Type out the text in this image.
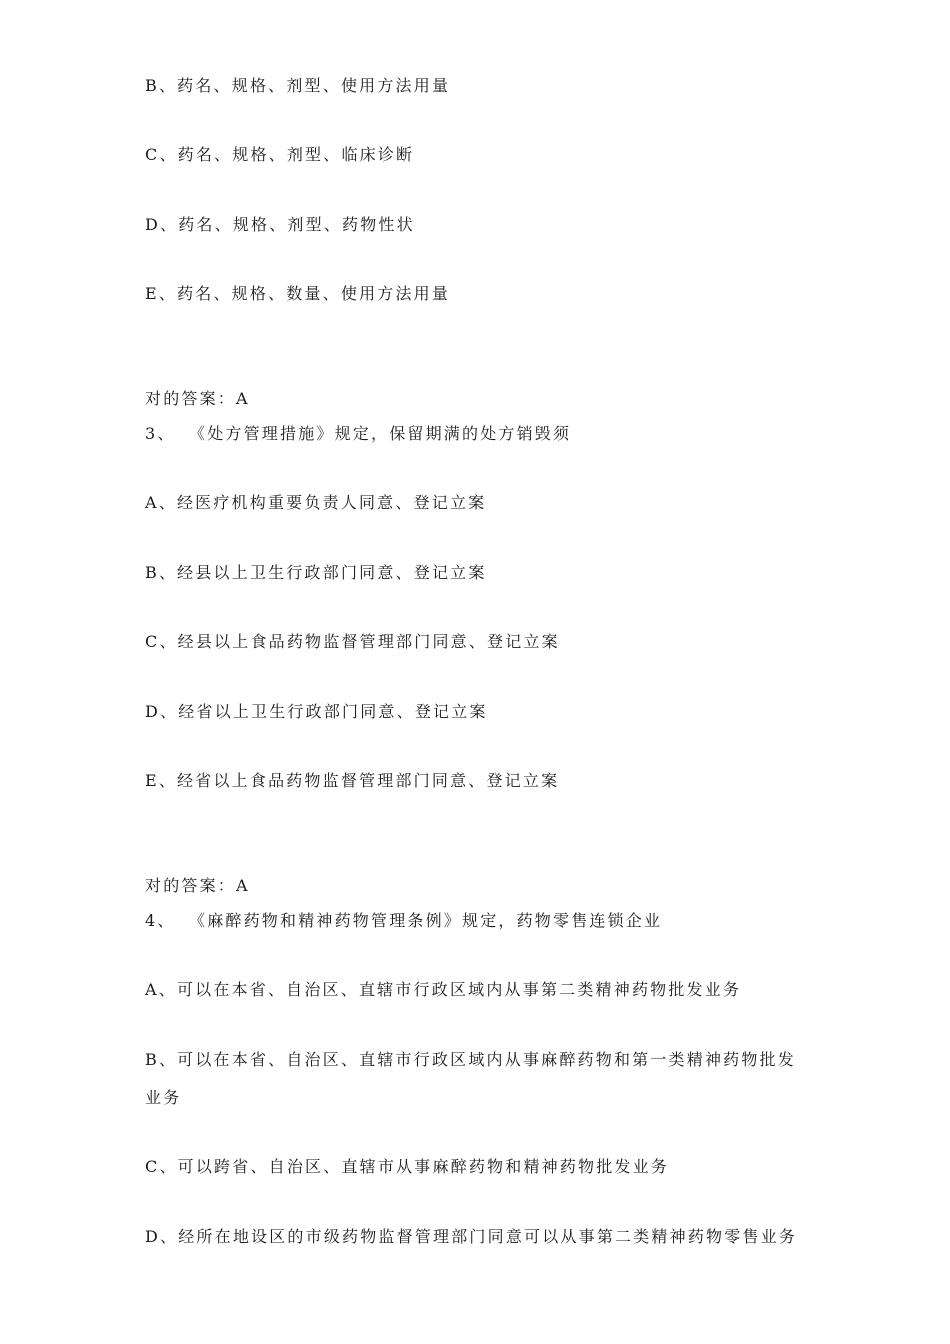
B、药名、规格、剂型、使用方法用量
C、药名、规格、剂型、临床诊断
D、药名、规格、剂型、药物性状
E、药名、规格、数量、使用方法用量
对的答案：A
3、 《处方管理措施》规定，保留期满的处方销毁须
A、经医疗机构重要负责人同意、登记立案
B、经县以上卫生行政部门同意、登记立案
C、经县以上食品药物监督管理部门同意、登记立案
D、经省以上卫生行政部门同意、登记立案
E、经省以上食品药物监督管理部门同意、登记立案
对的答案：A
4、 《麻醉药物和精神药物管理条例》规定，药物零售连锁企业
A、可以在本省、自治区、直辖市行政区域内从事第二类精神药物批发业务
B、可以在本省、自治区、直辖市行政区域内从事麻醉药物和第一类精神药物批发业务
C、可以跨省、自治区、直辖市从事麻醉药物和精神药物批发业务
D、经所在地设区的市级药物监督管理部门同意可以从事第二类精神药物零售业务
